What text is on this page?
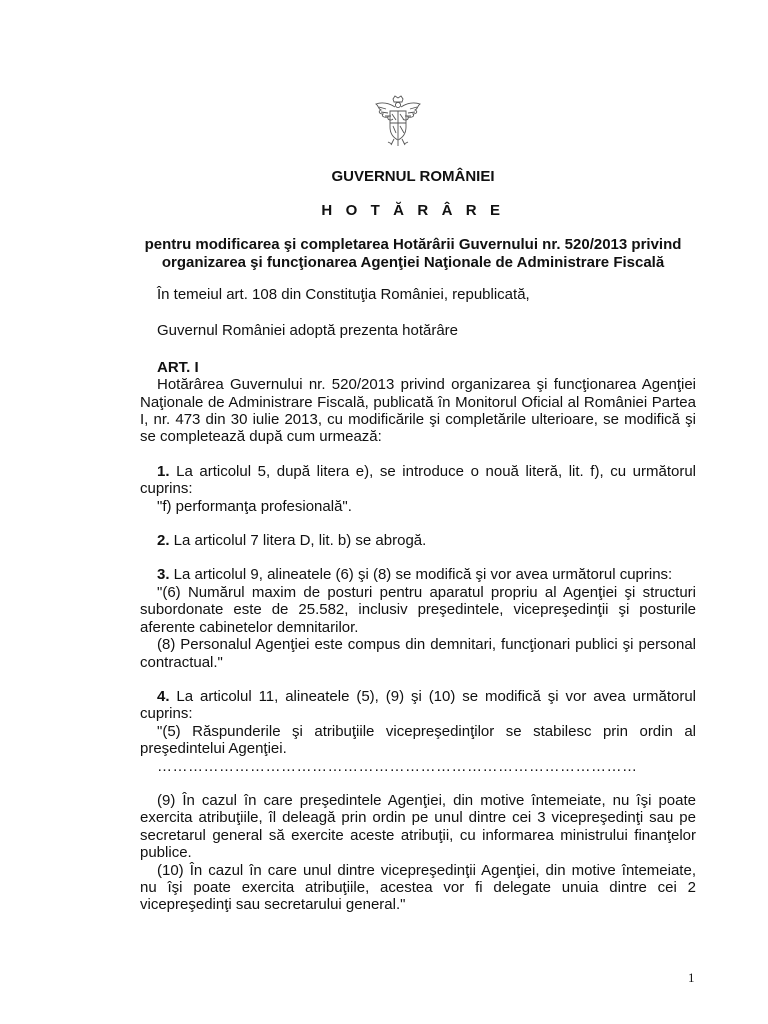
GUVERNUL ROMÂNIEI
H O T Ă R Â R E
pentru modificarea şi completarea Hotărârii Guvernului nr. 520/2013 privind
organizarea şi funcţionarea Agenţiei Naţionale de Administrare Fiscală

În temeiul art. 108 din Constituţia României, republicată,

Guvernul României adoptă prezenta hotărâre

ART. I

Hotărârea Guvernului nr. 520/2013 privind organizarea şi funcţionarea Agenţiei Naţionale de Administrare Fiscală, publicată în Monitorul Oficial al României Partea I, nr. 473 din 30 iulie 2013, cu modificările şi completările ulterioare, se modifică şi se completează după cum urmează:

1. La articolul 5, după litera e), se introduce o nouă literă, lit. f), cu următorul cuprins:

"f) performanţa profesională".

2. La articolul 7 litera D, lit. b) se abrogă.

3. La articolul 9, alineatele (6) şi (8) se modifică şi vor avea următorul cuprins:

"(6) Numărul maxim de posturi pentru aparatul propriu al Agenţiei şi structuri subordonate este de 25.582, inclusiv preşedintele, vicepreşedinţii şi posturile aferente cabinetelor demnitarilor.

(8) Personalul Agenţiei este compus din demnitari, funcţionari publici şi personal contractual."

4. La articolul 11, alineatele (5), (9) şi (10) se modifică şi vor avea următorul cuprins:

"(5) Răspunderile şi atribuţiile vicepreşedinţilor se stabilesc prin ordin al preşedintelui Agenţiei.

…………………………………………………………………………………

(9) În cazul în care preşedintele Agenţiei, din motive întemeiate, nu îşi poate exercita atribuţiile, îl deleagă prin ordin pe unul dintre cei 3 vicepreşedinţi sau pe secretarul general să exercite aceste atribuţii, cu informarea ministrului finanţelor publice.

(10) În cazul în care unul dintre vicepreşedinţii Agenţiei, din motive întemeiate, nu îşi poate exercita atribuţiile, acestea vor fi delegate unuia dintre cei 2 vicepreşedinţi sau secretarului general."

1
